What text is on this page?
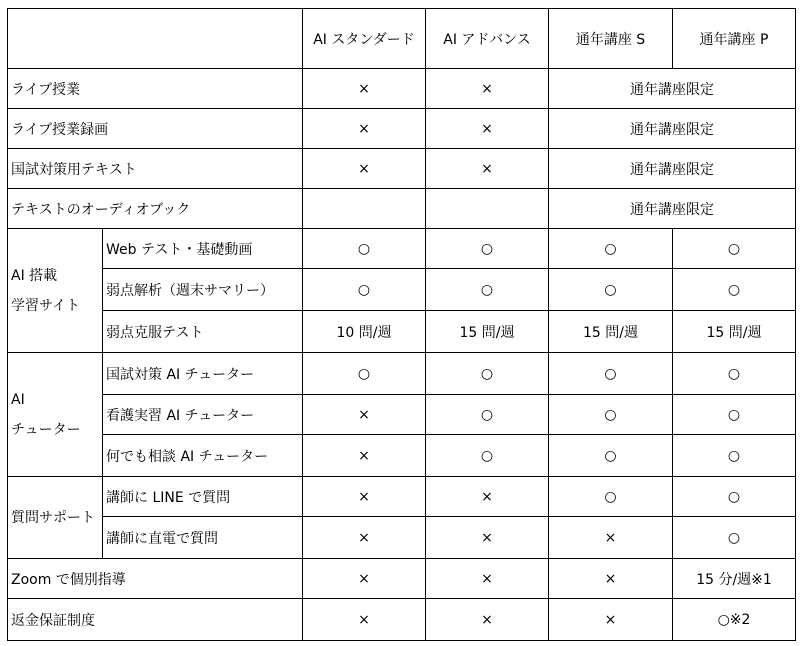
		AI スタンダード	AI アドバンス	通年講座 S	通年講座 P
ライブ授業		×	×	通年講座限定	
ライブ授業録画		×	×	通年講座限定	
国試対策用テキスト		×	×	通年講座限定	
テキストのオーディオブック				通年講座限定	
AI 搭載
学習サイト	Web テスト・基礎動画	○	○	○	○
	弱点解析（週末サマリー）	○	○	○	○
	弱点克服テスト	10 問/週	15 問/週	15 問/週	15 問/週
AI
チューター	国試対策 AI チューター	○	○	○	○
	看護実習 AI チューター	×	○	○	○
	何でも相談 AI チューター	×	○	○	○
質問サポート	講師に LINE で質問	×	×	○	○
	講師に直電で質問	×	×	×	○
Zoom で個別指導		×	×	×	15 分/週※1
返金保証制度		×	×	×	○※2
